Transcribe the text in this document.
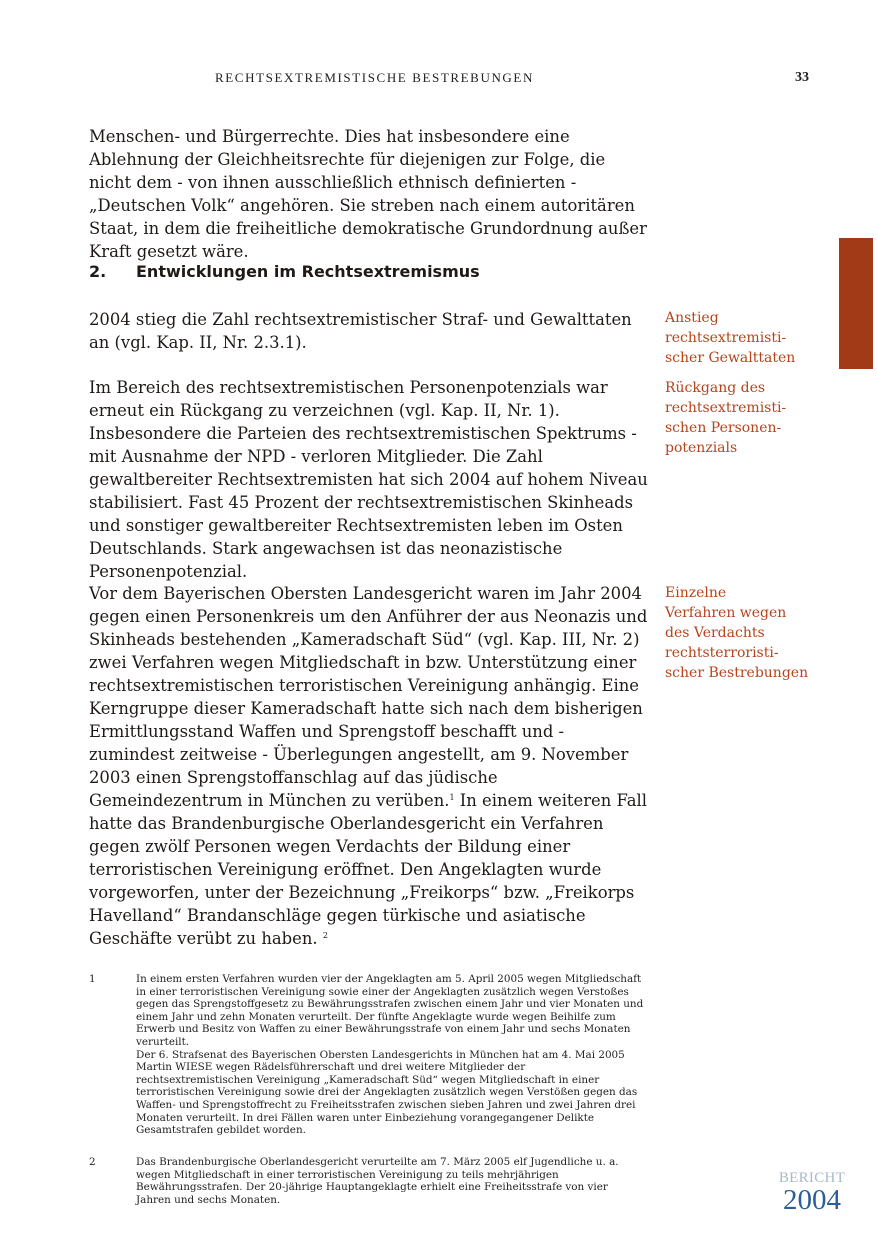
RECHTSEXTREMISTISCHE BESTREBUNGEN	33

Menschen- und Bürgerrechte. Dies hat insbesondere eine Ablehnung der Gleichheitsrechte für diejenigen zur Folge, die nicht dem - von ihnen ausschließlich ethnisch definierten - „Deutschen Volk“ angehören. Sie streben nach einem autoritären Staat, in dem die freiheitliche demokratische Grundordnung außer Kraft gesetzt wäre.

2. Entwicklungen im Rechtsextremismus

2004 stieg die Zahl rechtsextremistischer Straf- und Gewalttaten an (vgl. Kap. II, Nr. 2.3.1).

Im Bereich des rechtsextremistischen Personenpotenzials war erneut ein Rückgang zu verzeichnen (vgl. Kap. II, Nr. 1). Insbesondere die Parteien des rechtsextremistischen Spektrums - mit Ausnahme der NPD - verloren Mitglieder. Die Zahl gewaltbereiter Rechtsextremisten hat sich 2004 auf hohem Niveau stabilisiert. Fast 45 Prozent der rechtsextremistischen Skinheads und sonstiger gewaltbereiter Rechtsextremisten leben im Osten Deutschlands. Stark angewachsen ist das neonazistische Personenpotenzial.

Vor dem Bayerischen Obersten Landesgericht waren im Jahr 2004 gegen einen Personenkreis um den Anführer der aus Neonazis und Skinheads bestehenden „Kameradschaft Süd“ (vgl. Kap. III, Nr. 2) zwei Verfahren wegen Mitgliedschaft in bzw. Unterstützung einer rechtsextremistischen terroristischen Vereinigung anhängig. Eine Kerngruppe dieser Kameradschaft hatte sich nach dem bisherigen Ermittlungsstand Waffen und Sprengstoff beschafft und - zumindest zeitweise - Überlegungen angestellt, am 9. November 2003 einen Sprengstoffanschlag auf das jüdische Gemeindezentrum in München zu verüben.$^1$ In einem weiteren Fall hatte das Brandenburgische Oberlandesgericht ein Verfahren gegen zwölf Personen wegen Verdachts der Bildung einer terroristischen Vereinigung eröffnet. Den Angeklagten wurde vorgeworfen, unter der Bezeichnung „Freikorps“ bzw. „Freikorps Havelland“ Brandanschläge gegen türkische und asiatische Geschäfte verübt zu haben. $^2$

Anstieg
rechtsextremisti-
scher Gewalttaten
Rückgang des
rechtsextremisti-
schen Personen-
potenzials
Einzelne
Verfahren wegen
des Verdachts
rechtsterroristi-
scher Bestrebungen
1	In einem ersten Verfahren wurden vier der Angeklagten am 5. April 2005 wegen Mitgliedschaft in einer terroristischen Vereinigung sowie einer der Angeklagten zusätzlich wegen Verstoßes gegen das Sprengstoffgesetz zu Bewährungsstrafen zwischen einem Jahr und vier Monaten und einem Jahr und zehn Monaten verurteilt. Der fünfte Angeklagte wurde wegen Beihilfe zum Erwerb und Besitz von Waffen zu einer Bewährungsstrafe von einem Jahr und sechs Monaten verurteilt.

Der 6. Strafsenat des Bayerischen Obersten Landesgerichts in München hat am 4. Mai 2005 Martin WIESE wegen Rädelsführerschaft und drei weitere Mitglieder der rechtsextremistischen Vereinigung „Kameradschaft Süd“ wegen Mitgliedschaft in einer terroristischen Vereinigung sowie drei der Angeklagten zusätzlich wegen Verstößen gegen das Waffen- und Sprengstoffrecht zu Freiheitsstrafen zwischen sieben Jahren und zwei Jahren drei Monaten verurteilt. In drei Fällen waren unter Einbeziehung vorangegangener Delikte Gesamtstrafen gebildet worden.

2	Das Brandenburgische Oberlandesgericht verurteilte am 7. März 2005 elf Jugendliche u. a. wegen Mitgliedschaft in einer terroristischen Vereinigung zu teils mehrjährigen Bewährungsstrafen. Der 20-jährige Hauptangeklagte erhielt eine Freiheitsstrafe von vier Jahren und sechs Monaten.

BERICHT
2004
